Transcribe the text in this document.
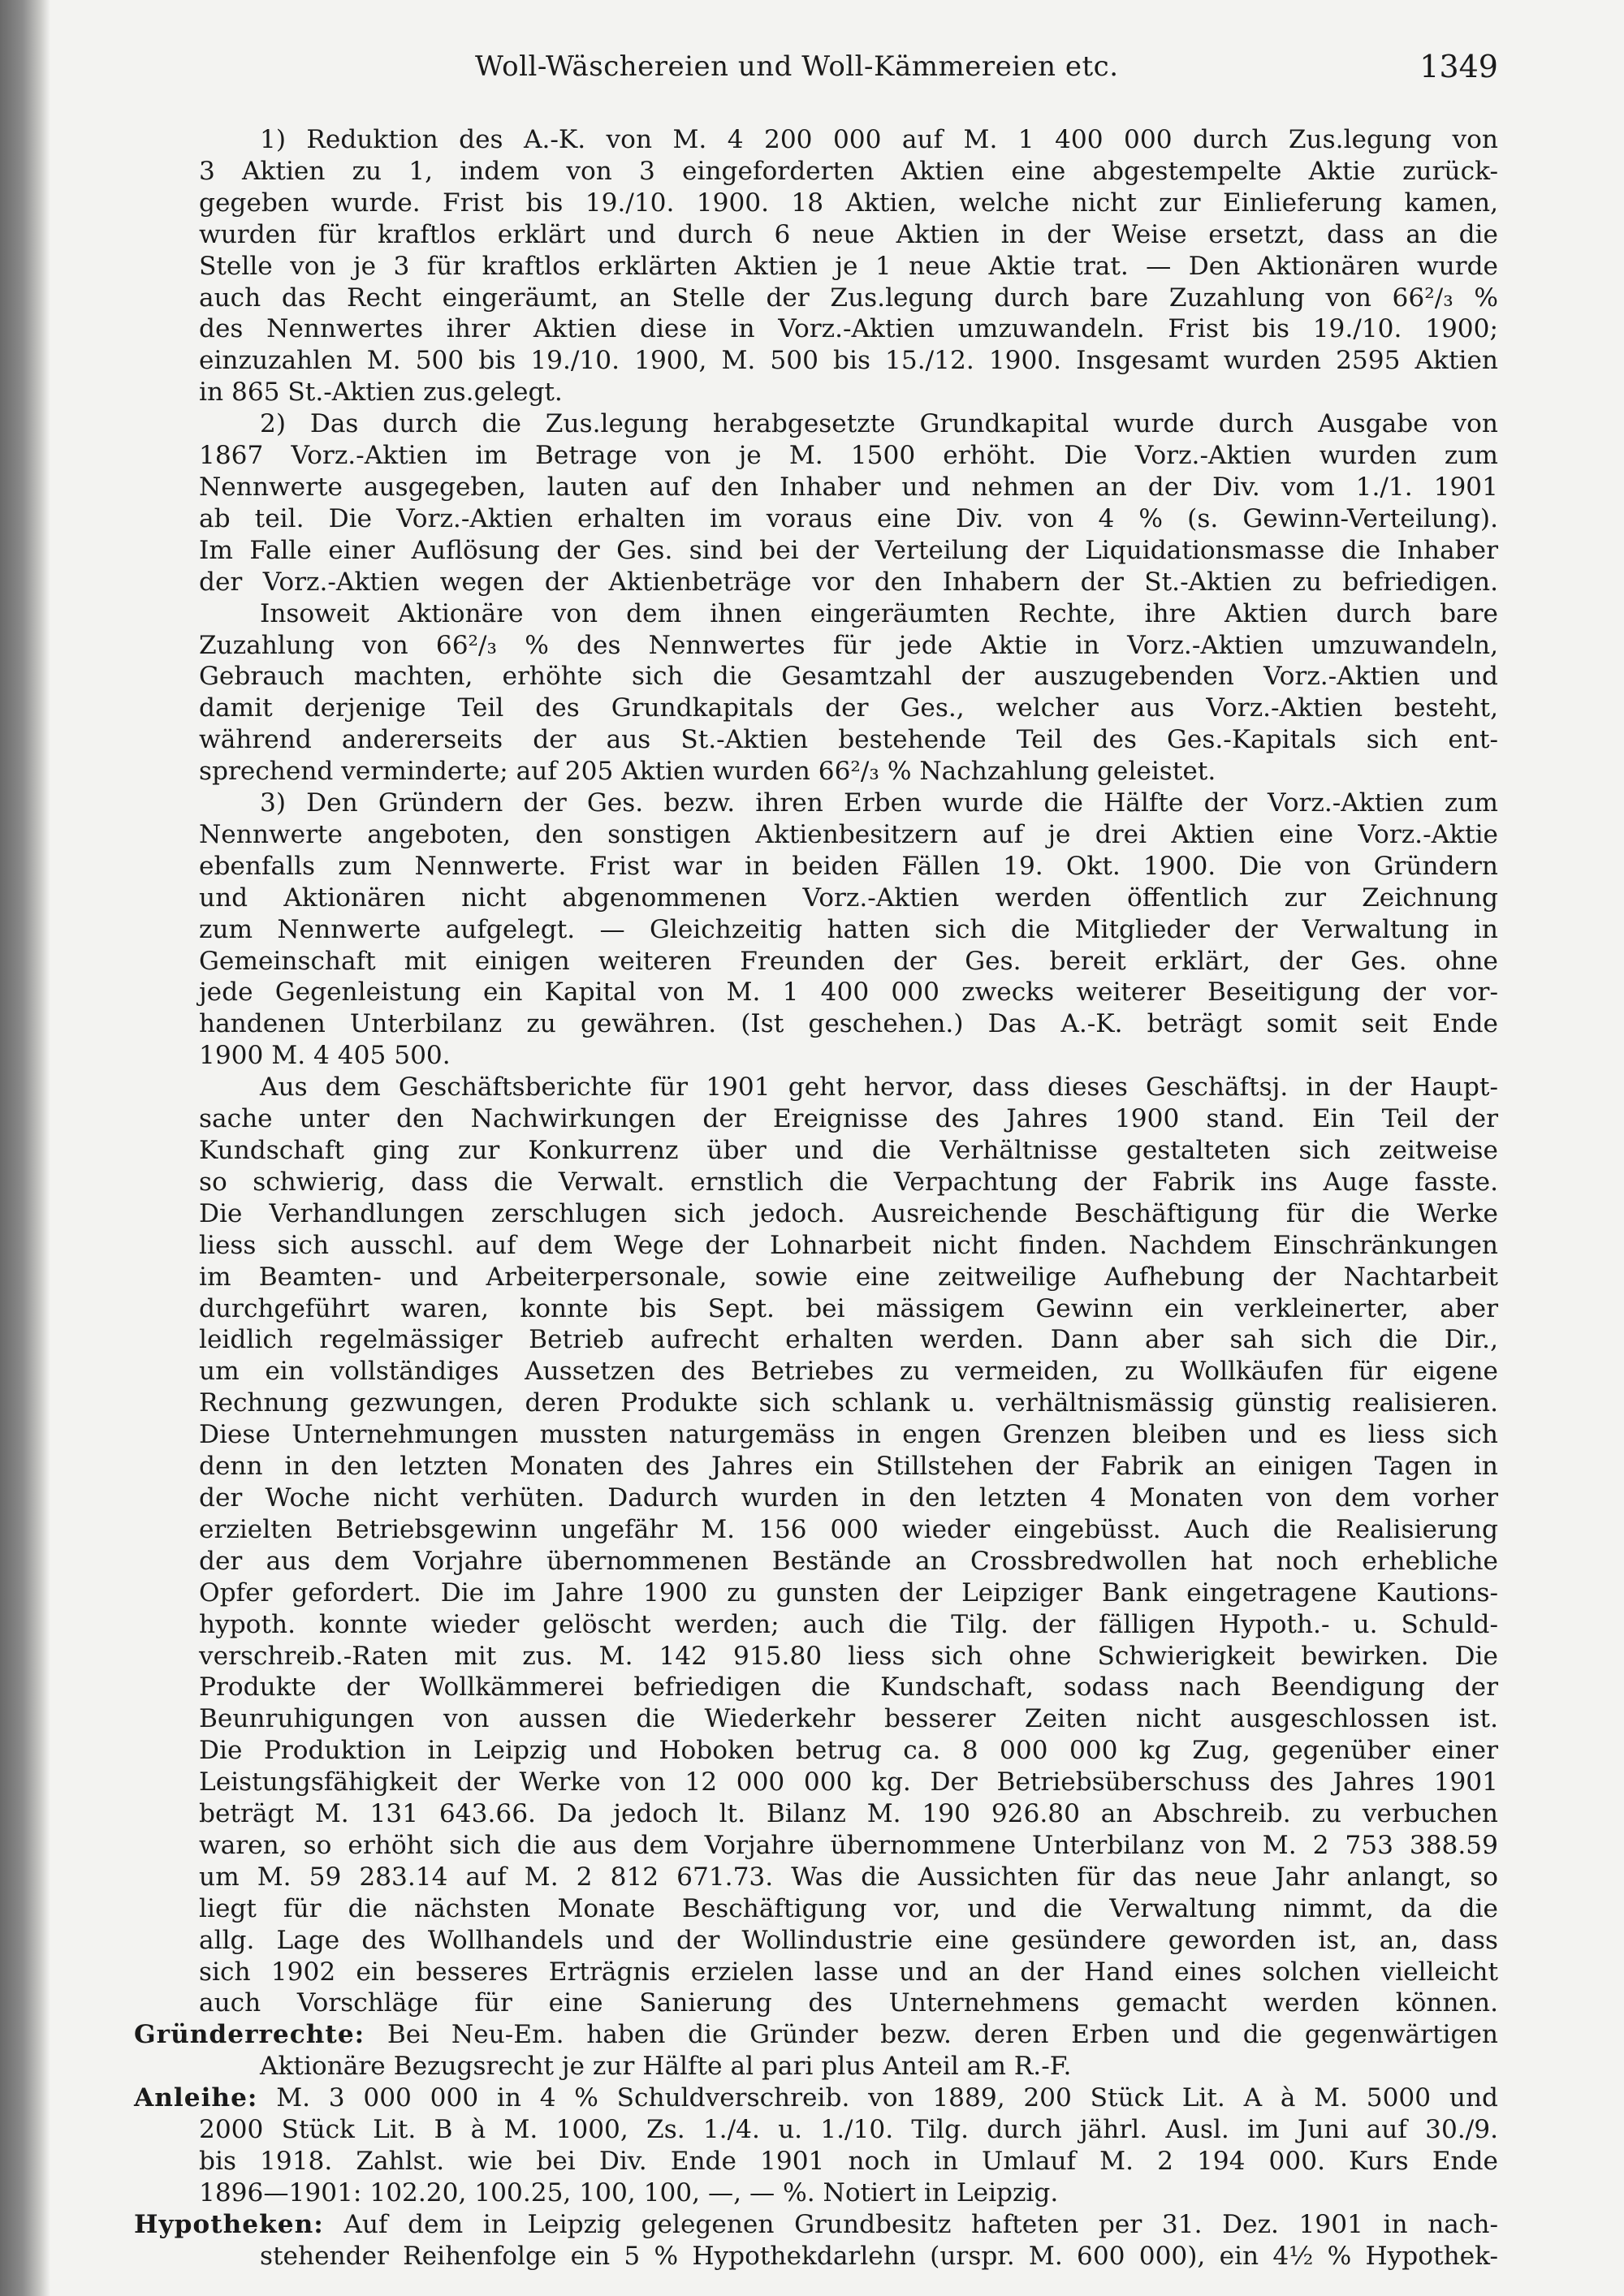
Woll-Wäschereien und Woll-Kämmereien etc.	1349
1) Reduktion des A.-K. von M. 4 200 000 auf M. 1 400 000 durch Zus.legung von
3 Aktien zu 1, indem von 3 eingeforderten Aktien eine abgestempelte Aktie zurück-
gegeben wurde. Frist bis 19./10. 1900. 18 Aktien, welche nicht zur Einlieferung kamen,
wurden für kraftlos erklärt und durch 6 neue Aktien in der Weise ersetzt, dass an die
Stelle von je 3 für kraftlos erklärten Aktien je 1 neue Aktie trat. — Den Aktionären wurde
auch das Recht eingeräumt, an Stelle der Zus.legung durch bare Zuzahlung von 66²/₃ %
des Nennwertes ihrer Aktien diese in Vorz.-Aktien umzuwandeln. Frist bis 19./10. 1900;
einzuzahlen M. 500 bis 19./10. 1900, M. 500 bis 15./12. 1900. Insgesamt wurden 2595 Aktien
in 865 St.-Aktien zus.gelegt.
2) Das durch die Zus.legung herabgesetzte Grundkapital wurde durch Ausgabe von
1867 Vorz.-Aktien im Betrage von je M. 1500 erhöht. Die Vorz.-Aktien wurden zum
Nennwerte ausgegeben, lauten auf den Inhaber und nehmen an der Div. vom 1./1. 1901
ab teil. Die Vorz.-Aktien erhalten im voraus eine Div. von 4 % (s. Gewinn-Verteilung).
Im Falle einer Auflösung der Ges. sind bei der Verteilung der Liquidationsmasse die Inhaber
der Vorz.-Aktien wegen der Aktienbeträge vor den Inhabern der St.-Aktien zu befriedigen.
Insoweit Aktionäre von dem ihnen eingeräumten Rechte, ihre Aktien durch bare
Zuzahlung von 66²/₃ % des Nennwertes für jede Aktie in Vorz.-Aktien umzuwandeln,
Gebrauch machten, erhöhte sich die Gesamtzahl der auszugebenden Vorz.-Aktien und
damit derjenige Teil des Grundkapitals der Ges., welcher aus Vorz.-Aktien besteht,
während andererseits der aus St.-Aktien bestehende Teil des Ges.-Kapitals sich ent-
sprechend verminderte; auf 205 Aktien wurden 66²/₃ % Nachzahlung geleistet.
3) Den Gründern der Ges. bezw. ihren Erben wurde die Hälfte der Vorz.-Aktien zum
Nennwerte angeboten, den sonstigen Aktienbesitzern auf je drei Aktien eine Vorz.-Aktie
ebenfalls zum Nennwerte. Frist war in beiden Fällen 19. Okt. 1900. Die von Gründern
und Aktionären nicht abgenommenen Vorz.-Aktien werden öffentlich zur Zeichnung
zum Nennwerte aufgelegt. — Gleichzeitig hatten sich die Mitglieder der Verwaltung in
Gemeinschaft mit einigen weiteren Freunden der Ges. bereit erklärt, der Ges. ohne
jede Gegenleistung ein Kapital von M. 1 400 000 zwecks weiterer Beseitigung der vor-
handenen Unterbilanz zu gewähren. (Ist geschehen.) Das A.-K. beträgt somit seit Ende
1900 M. 4 405 500.
Aus dem Geschäftsberichte für 1901 geht hervor, dass dieses Geschäftsj. in der Haupt-
sache unter den Nachwirkungen der Ereignisse des Jahres 1900 stand. Ein Teil der
Kundschaft ging zur Konkurrenz über und die Verhältnisse gestalteten sich zeitweise
so schwierig, dass die Verwalt. ernstlich die Verpachtung der Fabrik ins Auge fasste.
Die Verhandlungen zerschlugen sich jedoch. Ausreichende Beschäftigung für die Werke
liess sich ausschl. auf dem Wege der Lohnarbeit nicht finden. Nachdem Einschränkungen
im Beamten- und Arbeiterpersonale, sowie eine zeitweilige Aufhebung der Nachtarbeit
durchgeführt waren, konnte bis Sept. bei mässigem Gewinn ein verkleinerter, aber
leidlich regelmässiger Betrieb aufrecht erhalten werden. Dann aber sah sich die Dir.,
um ein vollständiges Aussetzen des Betriebes zu vermeiden, zu Wollkäufen für eigene
Rechnung gezwungen, deren Produkte sich schlank u. verhältnismässig günstig realisieren.
Diese Unternehmungen mussten naturgemäss in engen Grenzen bleiben und es liess sich
denn in den letzten Monaten des Jahres ein Stillstehen der Fabrik an einigen Tagen in
der Woche nicht verhüten. Dadurch wurden in den letzten 4 Monaten von dem vorher
erzielten Betriebsgewinn ungefähr M. 156 000 wieder eingebüsst. Auch die Realisierung
der aus dem Vorjahre übernommenen Bestände an Crossbredwollen hat noch erhebliche
Opfer gefordert. Die im Jahre 1900 zu gunsten der Leipziger Bank eingetragene Kautions-
hypoth. konnte wieder gelöscht werden; auch die Tilg. der fälligen Hypoth.- u. Schuld-
verschreib.-Raten mit zus. M. 142 915.80 liess sich ohne Schwierigkeit bewirken. Die
Produkte der Wollkämmerei befriedigen die Kundschaft, sodass nach Beendigung der
Beunruhigungen von aussen die Wiederkehr besserer Zeiten nicht ausgeschlossen ist.
Die Produktion in Leipzig und Hoboken betrug ca. 8 000 000 kg Zug, gegenüber einer
Leistungsfähigkeit der Werke von 12 000 000 kg. Der Betriebsüberschuss des Jahres 1901
beträgt M. 131 643.66. Da jedoch lt. Bilanz M. 190 926.80 an Abschreib. zu verbuchen
waren, so erhöht sich die aus dem Vorjahre übernommene Unterbilanz von M. 2 753 388.59
um M. 59 283.14 auf M. 2 812 671.73. Was die Aussichten für das neue Jahr anlangt, so
liegt für die nächsten Monate Beschäftigung vor, und die Verwaltung nimmt, da die
allg. Lage des Wollhandels und der Wollindustrie eine gesündere geworden ist, an, dass
sich 1902 ein besseres Erträgnis erzielen lasse und an der Hand eines solchen vielleicht
auch Vorschläge für eine Sanierung des Unternehmens gemacht werden können.
Gründerrechte: Bei Neu-Em. haben die Gründer bezw. deren Erben und die gegenwärtigen
Aktionäre Bezugsrecht je zur Hälfte al pari plus Anteil am R.-F.
Anleihe: M. 3 000 000 in 4 % Schuldverschreib. von 1889, 200 Stück Lit. A à M. 5000 und
2000 Stück Lit. B à M. 1000, Zs. 1./4. u. 1./10. Tilg. durch jährl. Ausl. im Juni auf 30./9.
bis 1918. Zahlst. wie bei Div. Ende 1901 noch in Umlauf M. 2 194 000. Kurs Ende
1896—1901: 102.20, 100.25, 100, 100, —, — %. Notiert in Leipzig.
Hypotheken: Auf dem in Leipzig gelegenen Grundbesitz hafteten per 31. Dez. 1901 in nach-
stehender Reihenfolge ein 5 % Hypothekdarlehn (urspr. M. 600 000), ein 4½ % Hypothek-
